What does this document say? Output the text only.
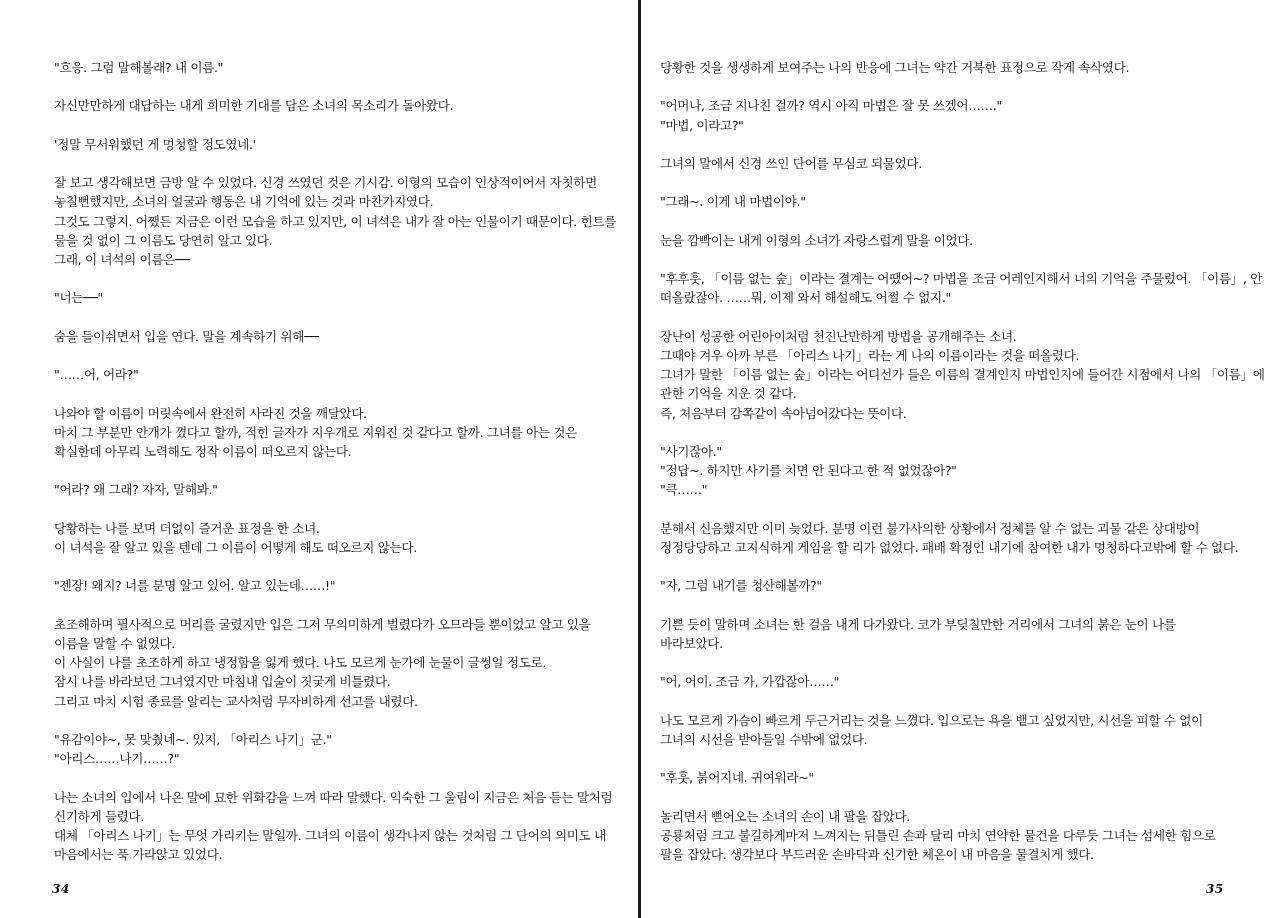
"흐응. 그럼 말해볼래? 내 이름."
자신만만하게 대답하는 내게 희미한 기대를 담은 소녀의 목소리가 돌아왔다.
'정말 무서워했던 게 멍청할 정도였네.'
잘 보고 생각해보면 금방 알 수 있었다. 신경 쓰였던 것은 기시감. 이형의 모습이 인상적이어서 자칫하면
놓칠뻔했지만, 소녀의 얼굴과 행동은 내 기억에 있는 것과 마찬가지였다.
그것도 그렇지. 어쨌든 지금은 이런 모습을 하고 있지만, 이 녀석은 내가 잘 아는 인물이기 때문이다. 힌트를
물을 것 없이 그 이름도 당연히 알고 있다.
그래, 이 녀석의 이름은──
"너는──"
숨을 들이쉬면서 입을 연다. 말을 계속하기 위해──
"……어, 어라?"
나와야 할 이름이 머릿속에서 완전히 사라진 것을 깨달았다.
마치 그 부분만 안개가 꼈다고 할까, 적힌 글자가 지우개로 지워진 것 같다고 할까. 그녀를 아는 것은
확실한데 아무리 노력해도 정작 이름이 떠오르지 않는다.
"어라? 왜 그래? 자자, 말해봐."
당황하는 나를 보며 더없이 즐거운 표정을 한 소녀.
이 녀석을 잘 알고 있을 텐데 그 이름이 어떻게 해도 떠오르지 않는다.
"젠장! 왜지? 너를 분명 알고 있어. 알고 있는데……!"
초조해하며 필사적으로 머리를 굴렸지만 입은 그저 무의미하게 벌렸다가 오므라들 뿐이었고 알고 있을
이름을 말할 수 없었다.
이 사실이 나를 초조하게 하고 냉정함을 잃게 했다. 나도 모르게 눈가에 눈물이 글썽일 정도로.
잠시 나를 바라보던 그녀였지만 마침내 입술이 짓궂게 비틀렸다.
그리고 마치 시험 종료를 알리는 교사처럼 무자비하게 선고를 내렸다.
"유감이야~, 못 맞췄네~. 있지, 「아리스 나기」군."
"아리스……나기……?"
나는 소녀의 입에서 나온 말에 묘한 위화감을 느껴 따라 말했다. 익숙한 그 울림이 지금은 처음 듣는 말처럼
신기하게 들렸다.
대체 「아리스 나기」는 무엇 가리키는 말일까. 그녀의 이름이 생각나지 않는 것처럼 그 단어의 의미도 내
마음에서는 푹 가라앉고 있었다.
34
당황한 것을 생생하게 보여주는 나의 반응에 그녀는 약간 거북한 표정으로 작게 속삭였다.
"어머나, 조금 지나친 걸까? 역시 아직 마법은 잘 못 쓰겠어……."
"마법, 이라고?"
그녀의 말에서 신경 쓰인 단어를 무심코 되물었다.
"그래~. 이게 내 마법이야."
눈을 깜빡이는 내게 이형의 소녀가 자랑스럽게 말을 이었다.
"후후훗, 「이름 없는 숲」이라는 결계는 어땠어~? 마법을 조금 어레인지해서 너의 기억을 주물렀어. 「이름」, 안
떠올랐잖아. ……뭐, 이제 와서 해설해도 어쩔 수 없지."
장난이 성공한 어린아이처럼 천진난만하게 방법을 공개해주는 소녀.
그때야 겨우 아까 부른 「아리스 나기」라는 게 나의 이름이라는 것을 떠올렸다.
그녀가 말한 「이름 없는 숲」이라는 어디선가 들은 이름의 결계인지 마법인지에 들어간 시점에서 나의 「이름」에
관한 기억을 지운 것 같다.
즉, 처음부터 감쪽같이 속아넘어갔다는 뜻이다.
"사기잖아."
"정답~. 하지만 사기를 치면 안 된다고 한 적 없었잖아?"
"큭……"
분해서 신음했지만 이미 늦었다. 분명 이런 불가사의한 상황에서 정체를 알 수 없는 괴물 같은 상대방이
정정당당하고 고지식하게 게임을 할 리가 없었다. 패배 확정인 내기에 참여한 내가 멍청하다고밖에 할 수 없다.
"자, 그럼 내기를 청산해볼까?"
기쁜 듯이 말하며 소녀는 한 걸음 내게 다가왔다. 코가 부딪칠만한 거리에서 그녀의 붉은 눈이 나를
바라보았다.
"어, 어이. 조금 가, 가깝잖아……"
나도 모르게 가슴이 빠르게 두근거리는 것을 느꼈다. 입으로는 욕을 뱉고 싶었지만, 시선을 피할 수 없이
그녀의 시선을 받아들일 수밖에 없었다.
"후훗, 붉어지네. 귀여워라~"
놀리면서 뻗어오는 소녀의 손이 내 팔을 잡았다.
공룡처럼 크고 불길하게마저 느껴지는 뒤틀린 손과 달리 마치 연약한 물건을 다루듯 그녀는 섬세한 힘으로
팔을 잡았다. 생각보다 부드러운 손바닥과 신기한 체온이 내 마음을 물결치게 했다.
35
